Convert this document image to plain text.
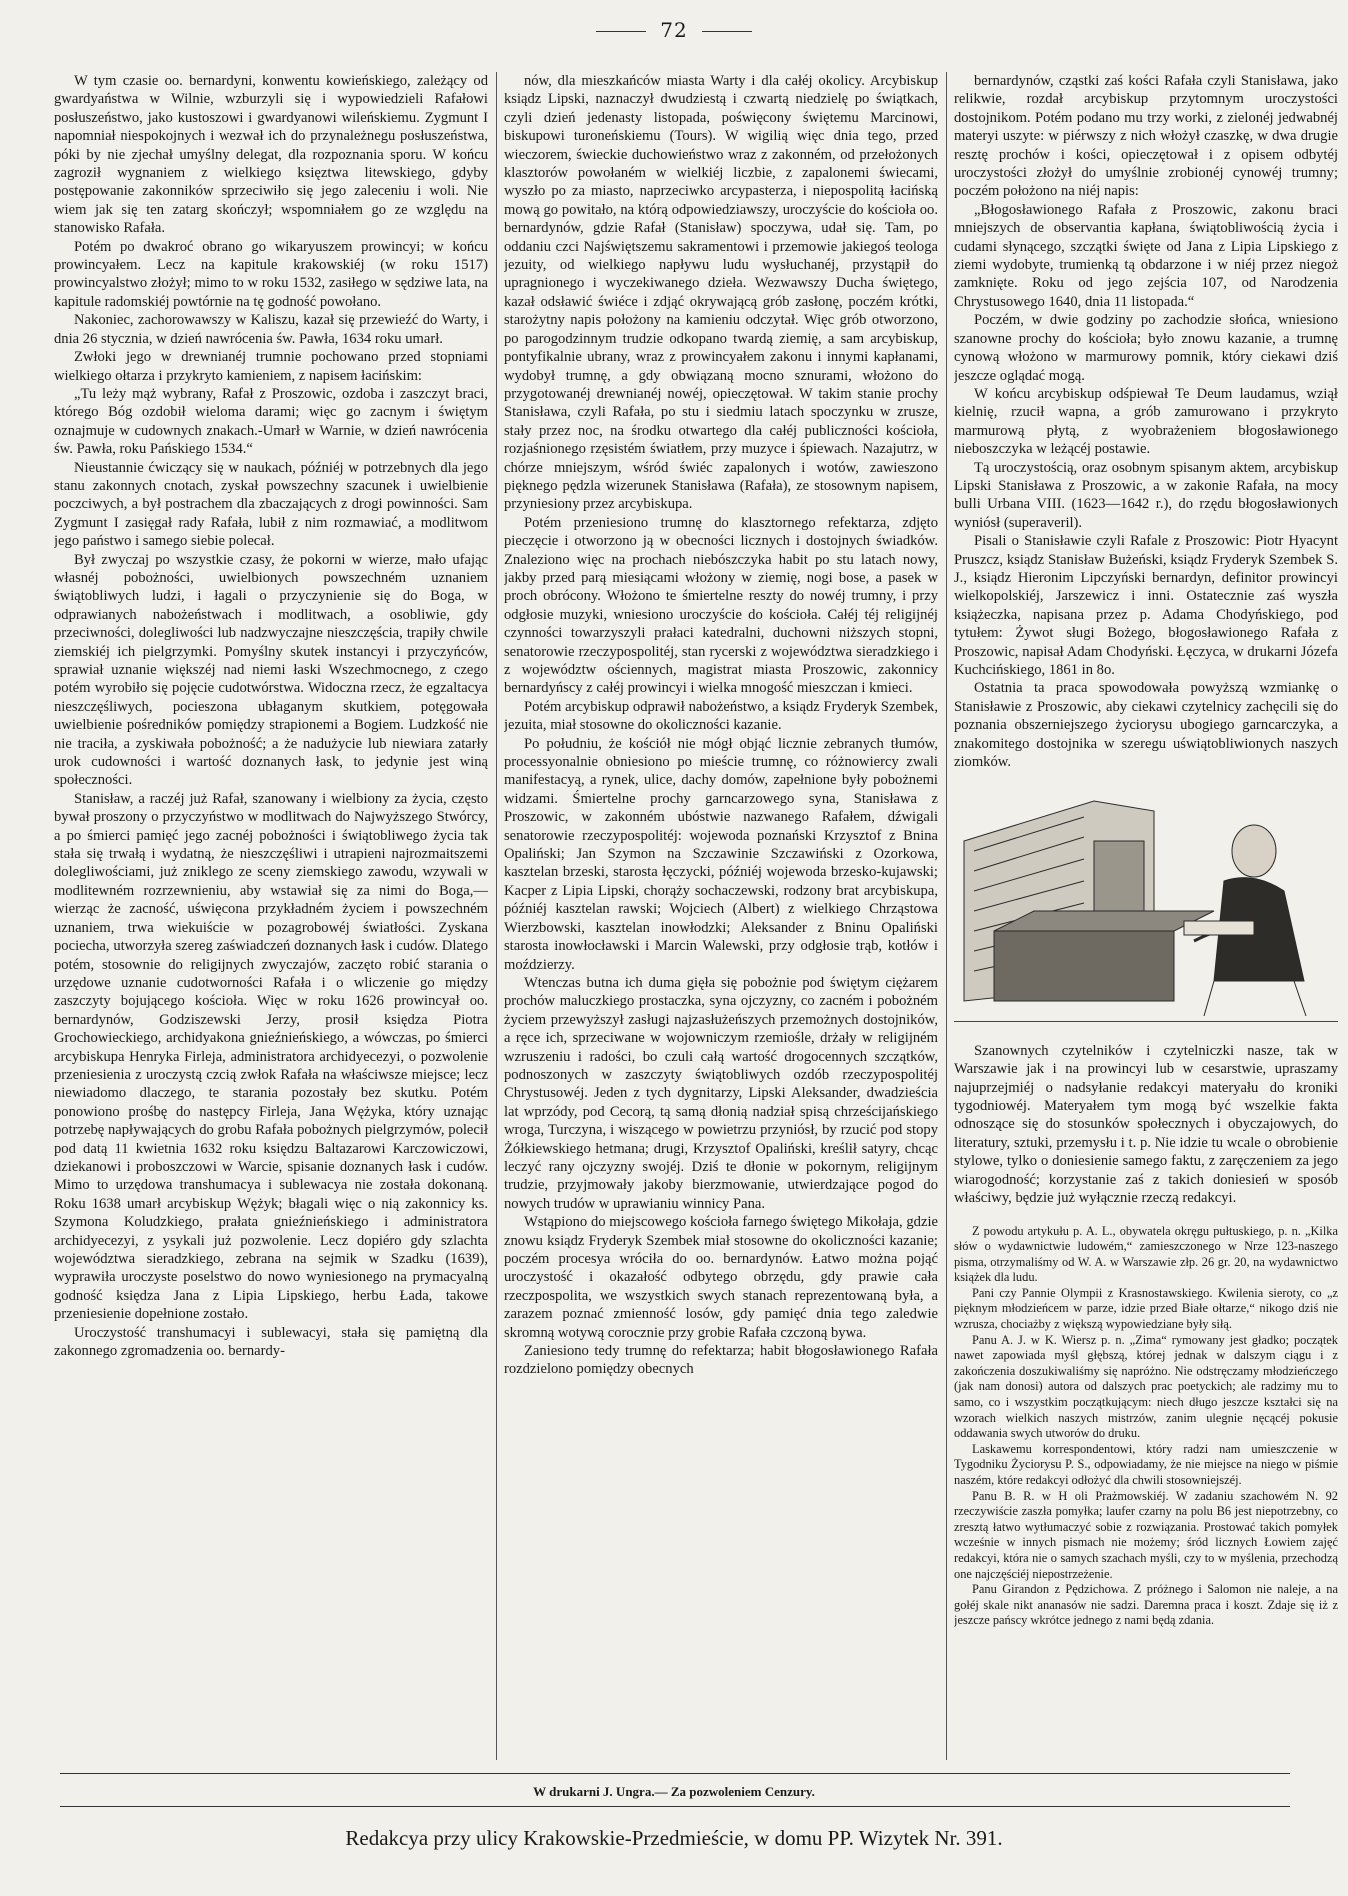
72

W tym czasie oo. bernardyni, konwentu kowieńskiego, zależący od gwardyaństwa w Wilnie, wzburzyli się i wypowiedzieli Rafałowi posłuszeństwo, jako kustoszowi i gwardyanowi wileńskiemu. Zygmunt I napomniał niespokojnych i wezwał ich do przynależnegu posłuszeństwa, póki by nie zjechał umyślny delegat, dla rozpoznania sporu. W końcu zagroził wygnaniem z wielkiego księztwa litewskiego, gdyby postępowanie zakonników sprzeciwiło się jego zaleceniu i woli. Nie wiem jak się ten zatarg skończył; wspomniałem go ze względu na stanowisko Rafała.

Potém po dwakroć obrano go wikaryuszem prowincyi; w końcu prowincyałem. Lecz na kapitule krakowskiéj (w roku 1517) prowincyalstwo złożył; mimo to w roku 1532, zasiłego w sędziwe lata, na kapitule radomskiéj powtórnie na tę godność powołano.

Nakoniec, zachorowawszy w Kaliszu, kazał się przewieźć do Warty, i dnia 26 stycznia, w dzień nawrócenia św. Pawła, 1634 roku umarł.

Zwłoki jego w drewnianéj trumnie pochowano przed stopniami wielkiego ołtarza i przykryto kamieniem, z napisem łacińskim:

„Tu leży mąż wybrany, Rafał z Proszowic, ozdoba i zaszczyt braci, którego Bóg ozdobił wieloma darami; więc go zacnym i świętym oznajmuje w cudownych znakach.-Umarł w Warnie, w dzień nawrócenia św. Pawła, roku Pańskiego 1534.“

Nieustannie ćwiczący się w naukach, późniéj w potrzebnych dla jego stanu zakonnych cnotach, zyskał powszechny szacunek i uwielbienie poczciwych, a był postrachem dla zbaczających z drogi powinności. Sam Zygmunt I zasięgał rady Rafała, lubił z nim rozmawiać, a modlitwom jego państwo i samego siebie polecał.

Był zwyczaj po wszystkie czasy, że pokorni w wierze, mało ufając własnéj pobożności, uwielbionych powszechném uznaniem świątobliwych ludzi, i łagali o przyczynienie się do Boga, w odprawianych nabożeństwach i modlitwach, a osobliwie, gdy przeciwności, dolegliwości lub nadzwyczajne nieszczęścia, trapiły chwile ziemskiéj ich pielgrzymki. Pomyślny skutek instancyi i przyczyńców, sprawiał uznanie większéj nad niemi łaski Wszechmocnego, z czego potém wyrobiło się pojęcie cudotwórstwa. Widoczna rzecz, że egzaltacya nieszczęśliwych, pocieszona ubłaganym skutkiem, potęgowała uwielbienie pośredników pomiędzy strapionemi a Bogiem. Ludzkość nie nie traciła, a zyskiwała pobożność; a że nadużycie lub niewiara zatarły urok cudowności i wartość doznanych łask, to jedynie jest winą społeczności.

Stanisław, a raczéj już Rafał, szanowany i wielbiony za życia, często bywał proszony o przyczyństwo w modlitwach do Najwyższego Stwórcy, a po śmierci pamięć jego zacnéj pobożności i świątobliwego życia tak stała się trwałą i wydatną, że nieszczęśliwi i utrapieni najrozmaitszemi dolegliwościami, już zniklego ze sceny ziemskiego zawodu, wzywali w modlitewném rozrzewnieniu, aby wstawiał się za nimi do Boga,— wierząc że zacność, uświęcona przykładném życiem i powszechném uznaniem, trwa wiekuiście w pozagrobowéj światłości. Zyskana pociecha, utworzyła szereg zaświadczeń doznanych łask i cudów. Dlatego potém, stosownie do religijnych zwyczajów, zaczęto robić starania o urzędowe uznanie cudotworności Rafała i o wliczenie go między zaszczyty bojującego kościoła. Więc w roku 1626 prowincyał oo. bernardynów, Godziszewski Jerzy, prosił księdza Piotra Grochowieckiego, archidyakona gnieźnieńskiego, a wówczas, po śmierci arcybiskupa Henryka Firleja, administratora archidyecezyi, o pozwolenie przeniesienia z uroczystą czcią zwłok Rafała na właściwsze miejsce; lecz niewiadomo dlaczego, te starania pozostały bez skutku. Potém ponowiono prośbę do następcy Firleja, Jana Wężyka, który uznając potrzebę napływających do grobu Rafała pobożnych pielgrzymów, polecił pod datą 11 kwietnia 1632 roku księdzu Baltazarowi Karczowiczowi, dziekanowi i proboszczowi w Warcie, spisanie doznanych łask i cudów. Mimo to urzędowa transhumacya i sublewacya nie została dokonaną. Roku 1638 umarł arcybiskup Wężyk; błagali więc o nią zakonnicy ks. Szymona Koludzkiego, prałata gnieźnieńskiego i administratora archidyecezyi, z ysykali już pozwolenie. Lecz dopiéro gdy szlachta województwa sieradzkiego, zebrana na sejmik w Szadku (1639), wyprawiła uroczyste poselstwo do nowo wyniesionego na prymacyalną godność księdza Jana z Lipia Lipskiego, herbu Łada, takowe przeniesienie dopełnione zostało.

Uroczystość transhumacyi i sublewacyi, stała się pamiętną dla zakonnego zgromadzenia oo. bernardy-

nów, dla mieszkańców miasta Warty i dla całéj okolicy. Arcybiskup ksiądz Lipski, naznaczył dwudziestą i czwartą niedzielę po świątkach, czyli dzień jedenasty listopada, poświęcony świętemu Marcinowi, biskupowi turoneńskiemu (Tours). W wigilią więc dnia tego, przed wieczorem, świeckie duchowieństwo wraz z zakonném, od przełożonych klasztorów powołaném w wielkiéj liczbie, z zapalonemi świecami, wyszło po za miasto, naprzeciwko arcypasterza, i niepospolitą łacińską mową go powitało, na którą odpowiedziawszy, uroczyście do kościoła oo. bernardynów, gdzie Rafał (Stanisław) spoczywa, udał się. Tam, po oddaniu czci Najświętszemu sakramentowi i przemowie jakiegoś teologa jezuity, od wielkiego napływu ludu wysłuchanéj, przystąpił do upragnionego i wyczekiwanego dzieła. Wezwawszy Ducha świętego, kazał odsławić świéce i zdjąć okrywającą grób zasłonę, poczém krótki, starożytny napis położony na kamieniu odczytał. Więc grób otworzono, po parogodzinnym trudzie odkopano twardą ziemię, a sam arcybiskup, pontyfikalnie ubrany, wraz z prowincyałem zakonu i innymi kapłanami, wydobył trumnę, a gdy obwiązaną mocno sznurami, włożono do przygotowanéj drewnianéj nowéj, opieczętował. W takim stanie prochy Stanisława, czyli Rafała, po stu i siedmiu latach spoczynku w zrusze, stały przez noc, na środku otwartego dla całéj publiczności kościoła, rozjaśnionego rzęsistém światłem, przy muzyce i śpiewach. Nazajutrz, w chórze mniejszym, wśród świéc zapalonych i wotów, zawieszono pięknego pędzla wizerunek Stanisława (Rafała), ze stosownym napisem, przyniesiony przez arcybiskupa.

Potém przeniesiono trumnę do klasztornego refektarza, zdjęto pieczęcie i otworzono ją w obecności licznych i dostojnych świadków. Znaleziono więc na prochach niebószczyka habit po stu latach nowy, jakby przed parą miesiącami włożony w ziemię, nogi bose, a pasek w proch obrócony. Włożono te śmiertelne reszty do nowéj trumny, i przy odgłosie muzyki, wniesiono uroczyście do kościoła. Całéj téj religijnéj czynności towarzyszyli prałaci katedralni, duchowni niższych stopni, senatorowie rzeczypospolitéj, stan rycerski z województwa sieradzkiego i z województw ościennych, magistrat miasta Proszowic, zakonnicy bernardyńscy z całéj prowincyi i wielka mnogość mieszczan i kmieci.

Potém arcybiskup odprawił nabożeństwo, a ksiądz Fryderyk Szembek, jezuita, miał stosowne do okoliczności kazanie.

Po południu, że kościół nie mógł objąć licznie zebranych tłumów, processyonalnie obniesiono po mieście trumnę, co różnowiercy zwali manifestacyą, a rynek, ulice, dachy domów, zapełnione były pobożnemi widzami. Śmiertelne prochy garncarzowego syna, Stanisława z Proszowic, w zakonném ubóstwie nazwanego Rafałem, dźwigali senatorowie rzeczypospolitéj: wojewoda poznański Krzysztof z Bnina Opaliński; Jan Szymon na Szczawinie Szczawiński z Ozorkowa, kasztelan brzeski, starosta łęczycki, późniéj wojewoda brzesko-kujawski; Kacper z Lipia Lipski, chorąży sochaczewski, rodzony brat arcybiskupa, późniéj kasztelan rawski; Wojciech (Albert) z wielkiego Chrząstowa Wierzbowski, kasztelan inowłodzki; Aleksander z Bninu Opaliński starosta inowłocławski i Marcin Walewski, przy odgłosie trąb, kotłów i moździerzy.

Wtenczas butna ich duma gięła się pobożnie pod świętym ciężarem prochów maluczkiego prostaczka, syna ojczyzny, co zacném i pobożném życiem przewyższył zasługi najzasłużeńszych przemożnych dostojników, a ręce ich, sprzeciwane w wojowniczym rzemiośle, drżały w religijném wzruszeniu i radości, bo czuli całą wartość drogocennych szczątków, podnoszonych w zaszczyty świątobliwych ozdób rzeczypospolitéj Chrystusowéj. Jeden z tych dygnitarzy, Lipski Aleksander, dwadzieścia lat wprzódy, pod Cecorą, tą samą dłonią nadział spisą chrześcijańskiego wroga, Turczyna, i wiszącego w powietrzu przyniósł, by rzucić pod stopy Żółkiewskiego hetmana; drugi, Krzysztof Opaliński, kreślił satyry, chcąc leczyć rany ojczyzny swojéj. Dziś te dłonie w pokornym, religijnym trudzie, przyjmowały jakoby bierzmowanie, utwierdzające pogod do nowych trudów w uprawianiu winnicy Pana.

Wstąpiono do miejscowego kościoła farnego świętego Mikołaja, gdzie znowu ksiądz Fryderyk Szembek miał stosowne do okoliczności kazanie; poczém procesya wróciła do oo. bernardynów. Łatwo można pojąć uroczystość i okazałość odbytego obrzędu, gdy prawie cała rzeczpospolita, we wszystkich swych stanach reprezentowaną była, a zarazem poznać zmienność losów, gdy pamięć dnia tego zaledwie skromną wotywą corocznie przy grobie Rafała czczoną bywa.

Zaniesiono tedy trumnę do refektarza; habit błogosławionego Rafała rozdzielono pomiędzy obecnych

bernardynów, cząstki zaś kości Rafała czyli Stanisława, jako relikwie, rozdał arcybiskup przytomnym uroczystości dostojnikom. Potém podano mu trzy worki, z zielonéj jedwabnéj materyi uszyte: w piérwszy z nich włożył czaszkę, w dwa drugie resztę prochów i kości, opieczętował i z opisem odbytéj uroczystości złożył do umyślnie zrobionéj cynowéj trumny; poczém położono na niéj napis:

„Błogosławionego Rafała z Proszowic, zakonu braci mniejszych de observantia kapłana, świątobliwością życia i cudami słynącego, szczątki święte od Jana z Lipia Lipskiego z ziemi wydobyte, trumienką tą obdarzone i w niéj przez niegoż zamknięte. Roku od jego zejścia 107, od Narodzenia Chrystusowego 1640, dnia 11 listopada.“

Poczém, w dwie godziny po zachodzie słońca, wniesiono szanowne prochy do kościoła; było znowu kazanie, a trumnę cynową włożono w marmurowy pomnik, który ciekawi dziś jeszcze oglądać mogą.

W końcu arcybiskup odśpiewał Te Deum laudamus, wziął kielnię, rzucił wapna, a grób zamurowano i przykryto marmurową płytą, z wyobrażeniem błogosławionego nieboszczyka w leżącéj postawie.

Tą uroczystością, oraz osobnym spisanym aktem, arcybiskup Lipski Stanisława z Proszowic, a w zakonie Rafała, na mocy bulli Urbana VIII. (1623—1642 r.), do rzędu błogosławionych wyniósł (superaveril).

Pisali o Stanisławie czyli Rafale z Proszowic: Piotr Hyacynt Pruszcz, ksiądz Stanisław Bużeński, ksiądz Fryderyk Szembek S. J., ksiądz Hieronim Lipczyński bernardyn, definitor prowincyi wielkopolskiéj, Jarszewicz i inni. Ostatecznie zaś wyszła książeczka, napisana przez p. Adama Chodyńskiego, pod tytułem: Żywot sługi Bożego, błogosławionego Rafała z Proszowic, napisał Adam Chodyński. Łęczyca, w drukarni Józefa Kuchcińskiego, 1861 in 8o.

Ostatnia ta praca spowodowała powyższą wzmiankę o Stanisławie z Proszowic, aby ciekawi czytelnicy zachęcili się do poznania obszerniejszego życiorysu ubogiego garncarczyka, a znakomitego dostojnika w szeregu uświątobliwionych naszych ziomków.

Szanownych czytelników i czytelniczki nasze, tak w Warszawie jak i na prowincyi lub w cesarstwie, upraszamy najuprzejmiéj o nadsyłanie redakcyi materyału do kroniki tygodniowéj. Materyałem tym mogą być wszelkie fakta odnoszące się do stosunków społecznych i obyczajowych, do literatury, sztuki, przemysłu i t. p. Nie idzie tu wcale o obrobienie stylowe, tylko o doniesienie samego faktu, z zaręczeniem za jego wiarogodność; korzystanie zaś z takich doniesień w sposób właściwy, będzie już wyłącznie rzeczą redakcyi.

Z powodu artykułu p. A. L., obywatela okręgu pułtuskiego, p. n. „Kilka słów o wydawnictwie ludowém,“ zamieszczonego w Nrze 123-naszego pisma, otrzymaliśmy od W. A. w Warszawie złp. 26 gr. 20, na wydawnictwo książek dla ludu.

Pani czy Pannie Olympii z Krasnostawskiego. Kwilenia sieroty, co „z pięknym młodzieńcem w parze, idzie przed Białe ołtarze,“ nikogo dziś nie wzrusza, chociażby z większą wypowiedziane były siłą.

Panu A. J. w K. Wiersz p. n. „Zima“ rymowany jest gładko; początek nawet zapowiada myśl głębszą, której jednak w dalszym ciągu i z zakończenia doszukiwaliśmy się napróżno. Nie odstręczamy młodzieńczego (jak nam donosi) autora od dalszych prac poetyckich; ale radzimy mu to samo, co i wszystkim początkującym: niech długo jeszcze kształci się na wzorach wielkich naszych mistrzów, zanim ulegnie nęcącéj pokusie oddawania swych utworów do druku.

Laskawemu korrespondentowi, który radzi nam umieszczenie w Tygodniku Życiorysu P. S., odpowiadamy, że nie miejsce na niego w piśmie naszém, które redakcyi odłożyć dla chwili stosowniejszéj.

Panu B. R. w H oli Prażmowskiéj. W zadaniu szachowém N. 92 rzeczywiście zaszła pomyłka; laufer czarny na polu B6 jest niepotrzebny, co zresztą łatwo wytłumaczyć sobie z rozwiązania. Prostować takich pomyłek wcześnie w innych pismach nie możemy; śród licznych Łowiem zajęć redakcyi, która nie o samych szachach myśli, czy to w myślenia, przechodzą one najczęściéj niepostrzeżenie.

Panu Girandon z Pędzichowa. Z próżnego i Salomon nie naleje, a na gołéj skale nikt ananasów nie sadzi. Daremna praca i koszt. Zdaje się iż z jeszcze pańscy wkrótce jednego z nami będą zdania.

W drukarni J. Ungra.— Za pozwoleniem Cenzury.
Redakcya przy ulicy Krakowskie-Przedmieście, w domu PP. Wizytek Nr. 391.
